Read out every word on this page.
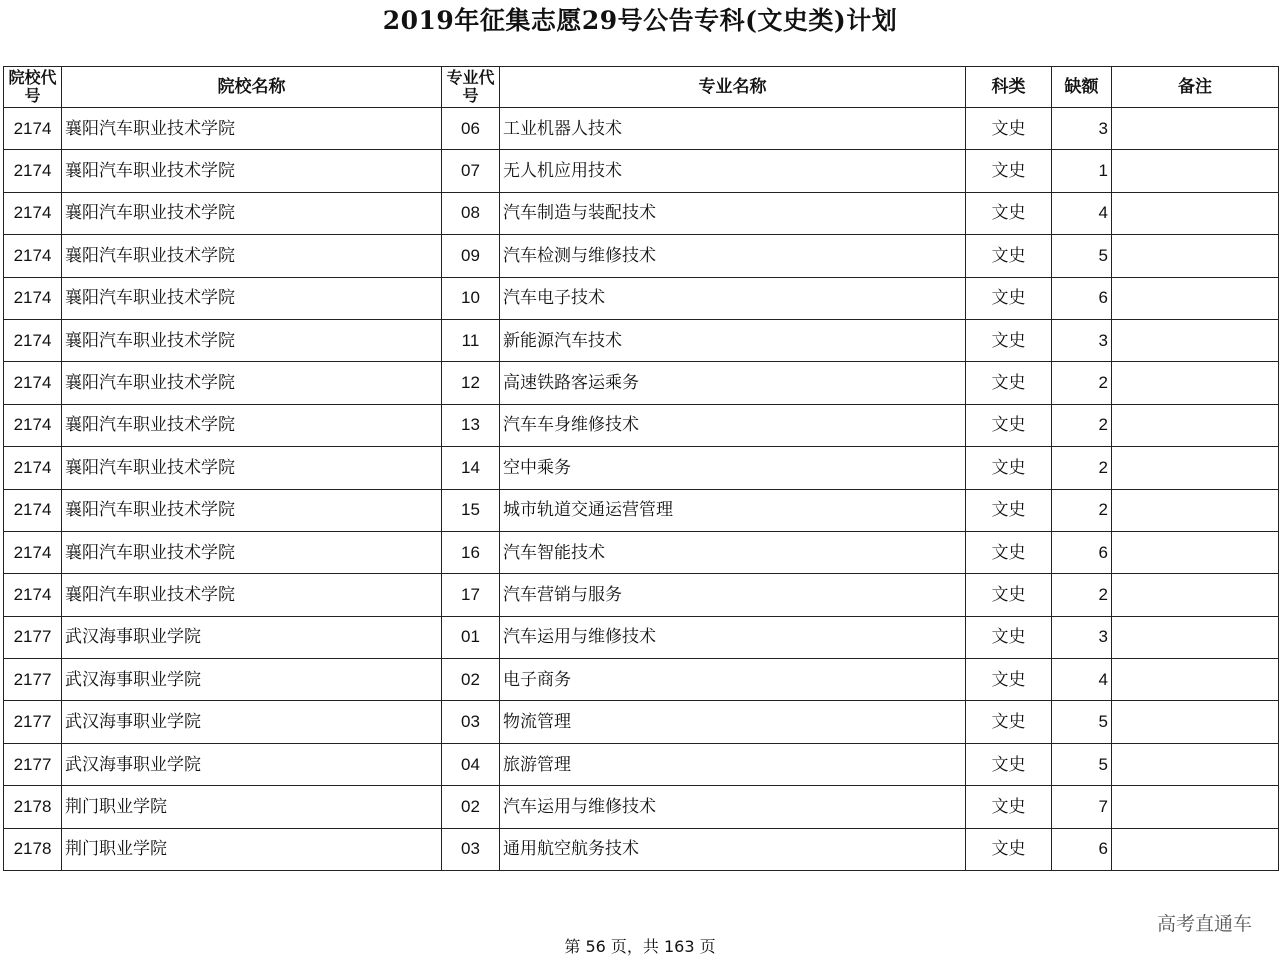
2019年征集志愿29号公告专科(文史类)计划
院校代号	院校名称	专业代号	专业名称	科类	缺额	备注
2174	襄阳汽车职业技术学院	06	工业机器人技术	文史	3	
2174	襄阳汽车职业技术学院	07	无人机应用技术	文史	1	
2174	襄阳汽车职业技术学院	08	汽车制造与装配技术	文史	4	
2174	襄阳汽车职业技术学院	09	汽车检测与维修技术	文史	5	
2174	襄阳汽车职业技术学院	10	汽车电子技术	文史	6	
2174	襄阳汽车职业技术学院	11	新能源汽车技术	文史	3	
2174	襄阳汽车职业技术学院	12	高速铁路客运乘务	文史	2	
2174	襄阳汽车职业技术学院	13	汽车车身维修技术	文史	2	
2174	襄阳汽车职业技术学院	14	空中乘务	文史	2	
2174	襄阳汽车职业技术学院	15	城市轨道交通运营管理	文史	2	
2174	襄阳汽车职业技术学院	16	汽车智能技术	文史	6	
2174	襄阳汽车职业技术学院	17	汽车营销与服务	文史	2	
2177	武汉海事职业学院	01	汽车运用与维修技术	文史	3	
2177	武汉海事职业学院	02	电子商务	文史	4	
2177	武汉海事职业学院	03	物流管理	文史	5	
2177	武汉海事职业学院	04	旅游管理	文史	5	
2178	荆门职业学院	02	汽车运用与维修技术	文史	7	
2178	荆门职业学院	03	通用航空航务技术	文史	6	
高考直通车
第 56 页，共 163 页
